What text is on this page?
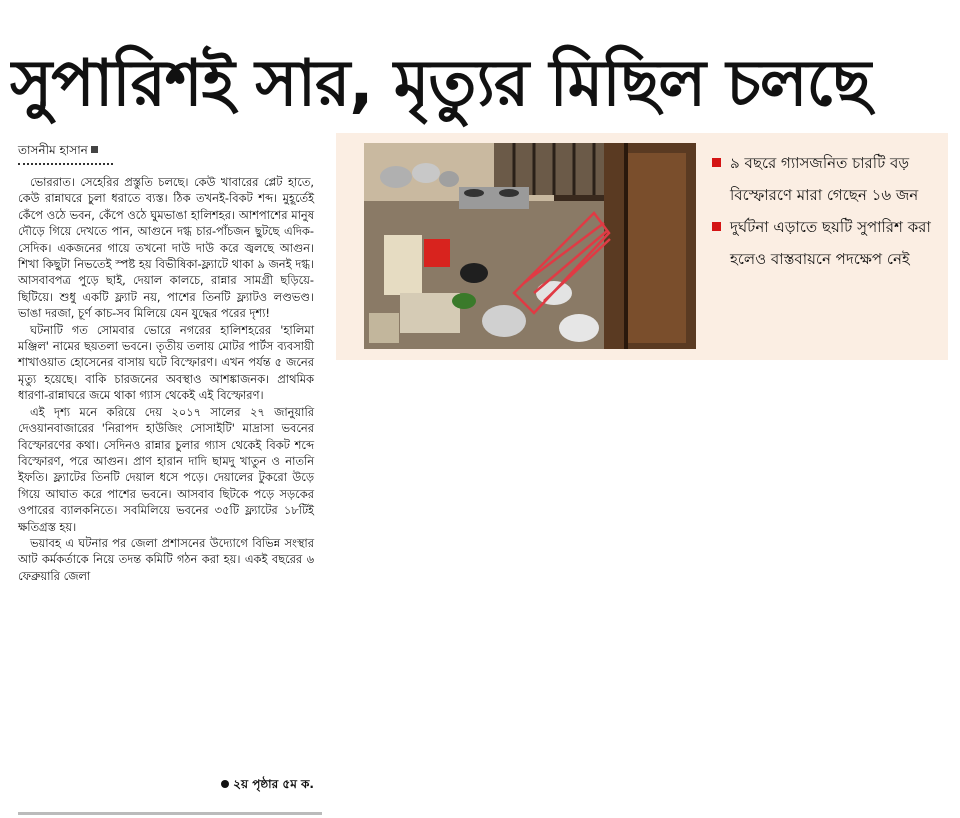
সুপারিশই সার, মৃত্যুর মিছিল চলছে
তাসনীম হাসান

ভোররাত। সেহেরির প্রস্তুতি চলছে। কেউ খাবারের প্লেট হাতে, কেউ রান্নাঘরে চুলা ধরাতে ব্যস্ত। ঠিক তখনই-বিকট শব্দ। মুহূর্তেই কেঁপে ওঠে ভবন, কেঁপে ওঠে ঘুমভাঙা হালিশহর। আশপাশের মানুষ দৌড়ে গিয়ে দেখতে পান, আগুনে দগ্ধ চার-পাঁচজন ছুটছে এদিক-সেদিক। একজনের গায়ে তখনো দাউ দাউ করে জ্বলছে আগুন। শিখা কিছুটা নিভতেই স্পষ্ট হয় বিভীষিকা-ফ্ল্যাটে থাকা ৯ জনই দগ্ধ। আসবাবপত্র পুড়ে ছাই, দেয়াল কালচে, রান্নার সামগ্রী ছড়িয়ে-ছিটিয়ে। শুধু একটি ফ্ল্যাট নয়, পাশের তিনটি ফ্ল্যাটও লণ্ডভণ্ড। ভাঙা দরজা, চূর্ণ কাচ-সব মিলিয়ে যেন যুদ্ধের পরের দৃশ্য!

ঘটনাটি গত সোমবার ভোরে নগরের হালিশহরের 'হালিমা মঞ্জিল' নামের ছয়তলা ভবনে। তৃতীয় তলায় মোটর পার্টস ব্যবসায়ী শাখাওয়াত হোসেনের বাসায় ঘটে বিস্ফোরণ। এখন পর্যন্ত ৫ জনের মৃত্যু হয়েছে। বাকি চারজনের অবস্থাও আশঙ্কাজনক। প্রাথমিক ধারণা-রান্নাঘরে জমে থাকা গ্যাস থেকেই এই বিস্ফোরণ।

এই দৃশ্য মনে করিয়ে দেয় ২০১৭ সালের ২৭ জানুয়ারি দেওয়ানবাজারের 'নিরাপদ হাউজিং সোসাইটি' মাদ্রাসা ভবনের বিস্ফোরণের কথা। সেদিনও রান্নার চুলার গ্যাস থেকেই বিকট শব্দে বিস্ফোরণ, পরে আগুন। প্রাণ হারান দাদি ছামদু খাতুন ও নাতনি ইফতি। ফ্ল্যাটের তিনটি দেয়াল ধসে পড়ে। দেয়ালের টুকরো উড়ে গিয়ে আঘাত করে পাশের ভবনে। আসবাব ছিটকে পড়ে সড়কের ওপারের ব্যালকনিতে। সবমিলিয়ে ভবনের ৩৫টি ফ্ল্যাটের ১৮টিই ক্ষতিগ্রস্ত হয়।

ভয়াবহ এ ঘটনার পর জেলা প্রশাসনের উদ্যোগে বিভিন্ন সংস্থার আট কর্মকর্তাকে নিয়ে তদন্ত কমিটি গঠন করা হয়। একই বছরের ৬ ফেব্রুয়ারি জেলা

২য় পৃষ্ঠার ৫ম ক.
৯ বছরে গ্যাসজনিত চারটি বড় বিস্ফোরণে মারা গেছেন ১৬ জন
দুর্ঘটনা এড়াতে ছয়টি সুপারিশ করা হলেও বাস্তবায়নে পদক্ষেপ নেই
